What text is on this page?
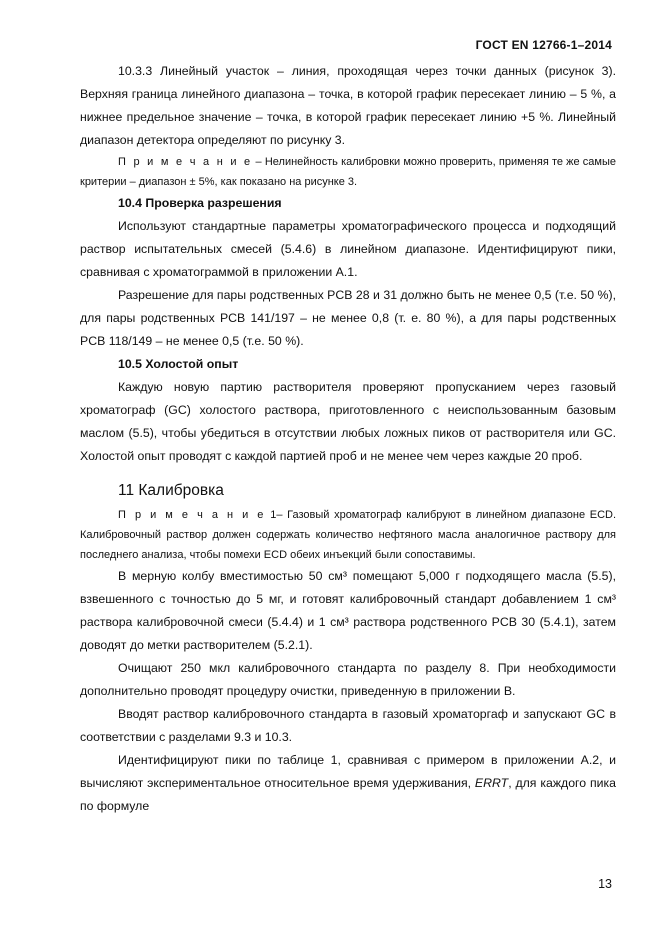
ГОСТ EN 12766-1–2014

10.3.3 Линейный участок – линия, проходящая через точки данных (рисунок 3). Верхняя граница линейного диапазона – точка, в которой график пересекает линию – 5 %, а нижнее предельное значение – точка, в которой график пересекает линию +5 %. Линейный диапазон детектора определяют по рисунку 3.

П р и м е ч а н и е – Нелинейность калибровки можно проверить, применяя те же самые критерии – диапазон ± 5%, как показано на рисунке 3.

10.4 Проверка разрешения

Используют стандартные параметры хроматографического процесса и подходящий раствор испытательных смесей (5.4.6) в линейном диапазоне. Идентифицируют пики, сравнивая с хроматограммой в приложении А.1.

Разрешение для пары родственных PCB 28 и 31 должно быть не менее 0,5 (т.е. 50 %), для пары родственных PCB 141/197 – не менее 0,8 (т. е. 80 %), а для пары родственных PCB 118/149 – не менее 0,5 (т.е. 50 %).

10.5 Холостой опыт

Каждую новую партию растворителя проверяют пропусканием через газовый хроматограф (GC) холостого раствора, приготовленного с неиспользованным базовым маслом (5.5), чтобы убедиться в отсутствии любых ложных пиков от растворителя или GC. Холостой опыт проводят с каждой партией проб и не менее чем через каждые 20 проб.

11 Калибровка

П р и м е ч а н и е 1– Газовый хроматограф калибруют в линейном диапазоне ECD. Калибровочный раствор должен содержать количество нефтяного масла аналогичное растворy для последнего анализа, чтобы помехи ECD обеих инъекций были сопоставимы.

В мерную колбу вместимостью 50 см³ помещают 5,000 г подходящего масла (5.5), взвешенного с точностью до 5 мг, и готовят калибровочный стандарт добавлением 1 см³ раствора калибровочной смеси (5.4.4) и 1 см³ раствора родственного PCB 30 (5.4.1), затем доводят до метки растворителем (5.2.1).

Очищают 250 мкл калибровочного стандарта по разделу 8. При необходимости дополнительно проводят процедуру очистки, приведенную в приложении В.

Вводят раствор калибровочного стандарта в газовый хроматоргаф и запускают GC в соответствии с разделами 9.3 и 10.3.

Идентифицируют пики по таблице 1, сравнивая с примером в приложении А.2, и вычисляют экспериментальное относительное время удерживания, ERRT, для каждого пика по формуле

13
